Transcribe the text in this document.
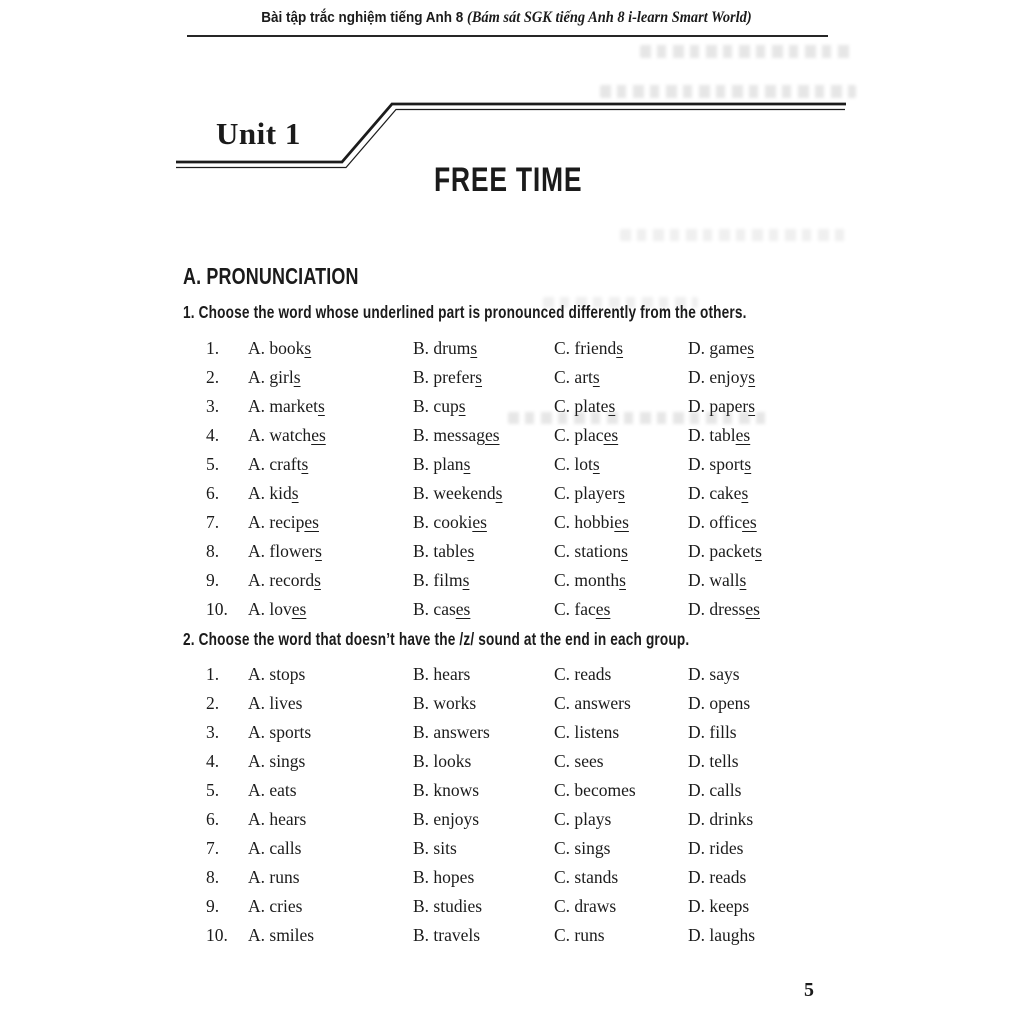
Bài tập trắc nghiệm tiếng Anh 8 (Bám sát SGK tiếng Anh 8 i-learn Smart World)
Unit 1
FREE TIME
A. PRONUNCIATION
1. Choose the word whose underlined part is pronounced differently from the others.
1.	A. books	B. drums	C. friends	D. games
2.	A. girls	B. prefers	C. arts	D. enjoys
3.	A. markets	B. cups	C. plates	D. papers
4.	A. watches	B. messages	C. places	D. tables
5.	A. crafts	B. plans	C. lots	D. sports
6.	A. kids	B. weekends	C. players	D. cakes
7.	A. recipes	B. cookies	C. hobbies	D. offices
8.	A. flowers	B. tables	C. stations	D. packets
9.	A. records	B. films	C. months	D. walls
10.	A. loves	B. cases	C. faces	D. dresses
2. Choose the word that doesn’t have the /z/ sound at the end in each group.
1.	A. stops	B. hears	C. reads	D. says
2.	A. lives	B. works	C. answers	D. opens
3.	A. sports	B. answers	C. listens	D. fills
4.	A. sings	B. looks	C. sees	D. tells
5.	A. eats	B. knows	C. becomes	D. calls
6.	A. hears	B. enjoys	C. plays	D. drinks
7.	A. calls	B. sits	C. sings	D. rides
8.	A. runs	B. hopes	C. stands	D. reads
9.	A. cries	B. studies	C. draws	D. keeps
10.	A. smiles	B. travels	C. runs	D. laughs
5
